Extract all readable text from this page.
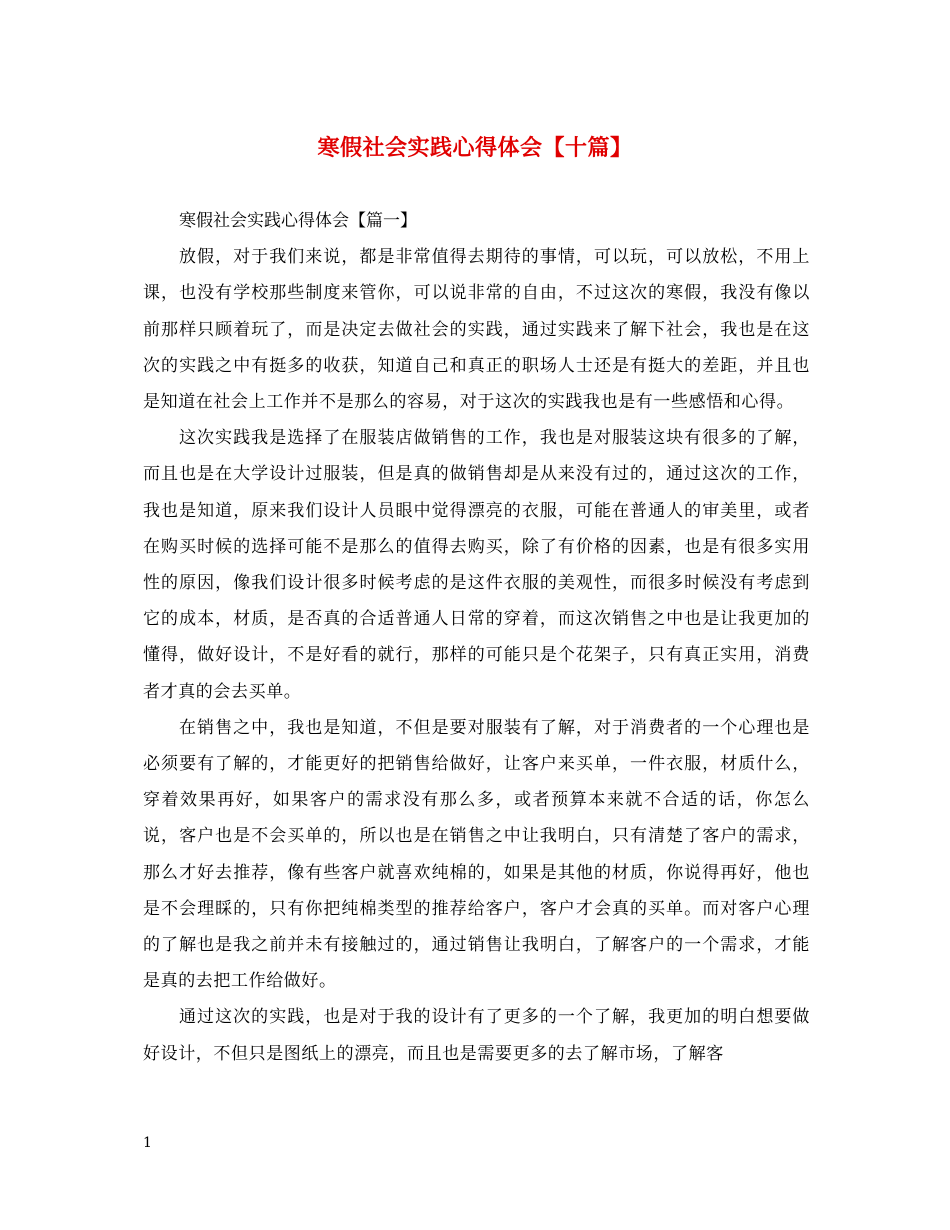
寒假社会实践心得体会【十篇】

寒假社会实践心得体会【篇一】

放假，对于我们来说，都是非常值得去期待的事情，可以玩，可以放松，不用上课，也没有学校那些制度来管你，可以说非常的自由，不过这次的寒假，我没有像以前那样只顾着玩了，而是决定去做社会的实践，通过实践来了解下社会，我也是在这次的实践之中有挺多的收获，知道自己和真正的职场人士还是有挺大的差距，并且也是知道在社会上工作并不是那么的容易，对于这次的实践我也是有一些感悟和心得。

这次实践我是选择了在服装店做销售的工作，我也是对服装这块有很多的了解，而且也是在大学设计过服装，但是真的做销售却是从来没有过的，通过这次的工作，我也是知道，原来我们设计人员眼中觉得漂亮的衣服，可能在普通人的审美里，或者在购买时候的选择可能不是那么的值得去购买，除了有价格的因素，也是有很多实用性的原因，像我们设计很多时候考虑的是这件衣服的美观性，而很多时候没有考虑到它的成本，材质，是否真的合适普通人日常的穿着，而这次销售之中也是让我更加的懂得，做好设计，不是好看的就行，那样的可能只是个花架子，只有真正实用，消费者才真的会去买单。

在销售之中，我也是知道，不但是要对服装有了解，对于消费者的一个心理也是必须要有了解的，才能更好的把销售给做好，让客户来买单，一件衣服，材质什么，穿着效果再好，如果客户的需求没有那么多，或者预算本来就不合适的话，你怎么说，客户也是不会买单的，所以也是在销售之中让我明白，只有清楚了客户的需求，那么才好去推荐，像有些客户就喜欢纯棉的，如果是其他的材质，你说得再好，他也是不会理睬的，只有你把纯棉类型的推荐给客户，客户才会真的买单。而对客户心理的了解也是我之前并未有接触过的，通过销售让我明白，了解客户的一个需求，才能是真的去把工作给做好。

通过这次的实践，也是对于我的设计有了更多的一个了解，我更加的明白想要做好设计，不但只是图纸上的漂亮，而且也是需要更多的去了解市场，了解客

1
